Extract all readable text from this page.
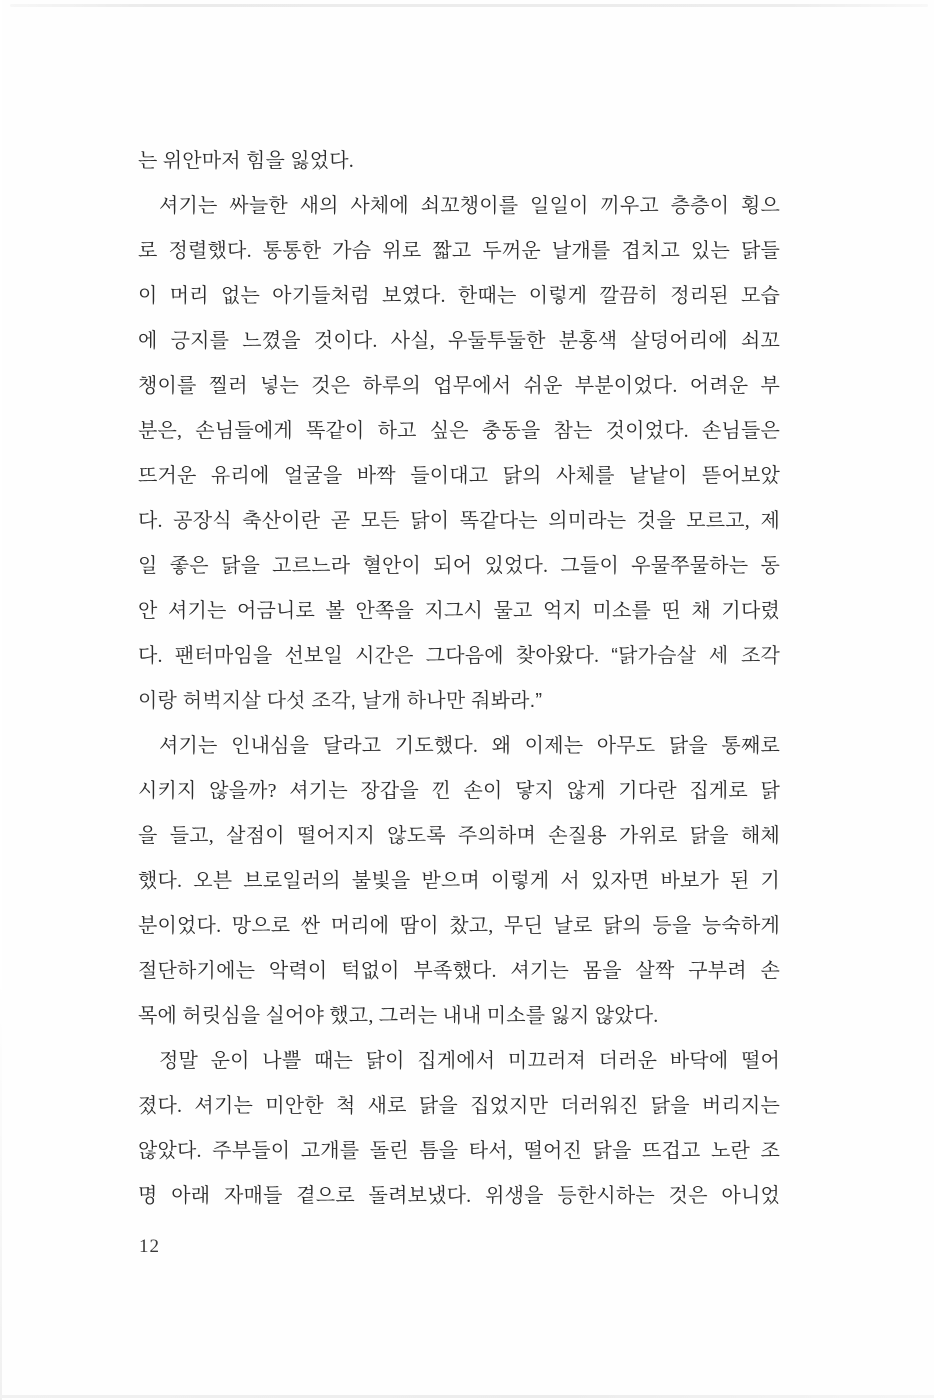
는 위안마저 힘을 잃었다.
셔기는 싸늘한 새의 사체에 쇠꼬챙이를 일일이 끼우고 층층이 횡으
로 정렬했다. 통통한 가슴 위로 짧고 두꺼운 날개를 겹치고 있는 닭들
이 머리 없는 아기들처럼 보였다. 한때는 이렇게 깔끔히 정리된 모습
에 긍지를 느꼈을 것이다. 사실, 우둘투둘한 분홍색 살덩어리에 쇠꼬
챙이를 찔러 넣는 것은 하루의 업무에서 쉬운 부분이었다. 어려운 부
분은, 손님들에게 똑같이 하고 싶은 충동을 참는 것이었다. 손님들은
뜨거운 유리에 얼굴을 바짝 들이대고 닭의 사체를 낱낱이 뜯어보았
다. 공장식 축산이란 곧 모든 닭이 똑같다는 의미라는 것을 모르고, 제
일 좋은 닭을 고르느라 혈안이 되어 있었다. 그들이 우물쭈물하는 동
안 셔기는 어금니로 볼 안쪽을 지그시 물고 억지 미소를 띤 채 기다렸
다. 팬터마임을 선보일 시간은 그다음에 찾아왔다. “닭가슴살 세 조각
이랑 허벅지살 다섯 조각, 날개 하나만 줘봐라.”
셔기는 인내심을 달라고 기도했다. 왜 이제는 아무도 닭을 통째로
시키지 않을까? 셔기는 장갑을 낀 손이 닿지 않게 기다란 집게로 닭
을 들고, 살점이 떨어지지 않도록 주의하며 손질용 가위로 닭을 해체
했다. 오븐 브로일러의 불빛을 받으며 이렇게 서 있자면 바보가 된 기
분이었다. 망으로 싼 머리에 땀이 찼고, 무딘 날로 닭의 등을 능숙하게
절단하기에는 악력이 턱없이 부족했다. 셔기는 몸을 살짝 구부려 손
목에 허릿심을 실어야 했고, 그러는 내내 미소를 잃지 않았다.
정말 운이 나쁠 때는 닭이 집게에서 미끄러져 더러운 바닥에 떨어
졌다. 셔기는 미안한 척 새로 닭을 집었지만 더러워진 닭을 버리지는
않았다. 주부들이 고개를 돌린 틈을 타서, 떨어진 닭을 뜨겁고 노란 조
명 아래 자매들 곁으로 돌려보냈다. 위생을 등한시하는 것은 아니었
12
